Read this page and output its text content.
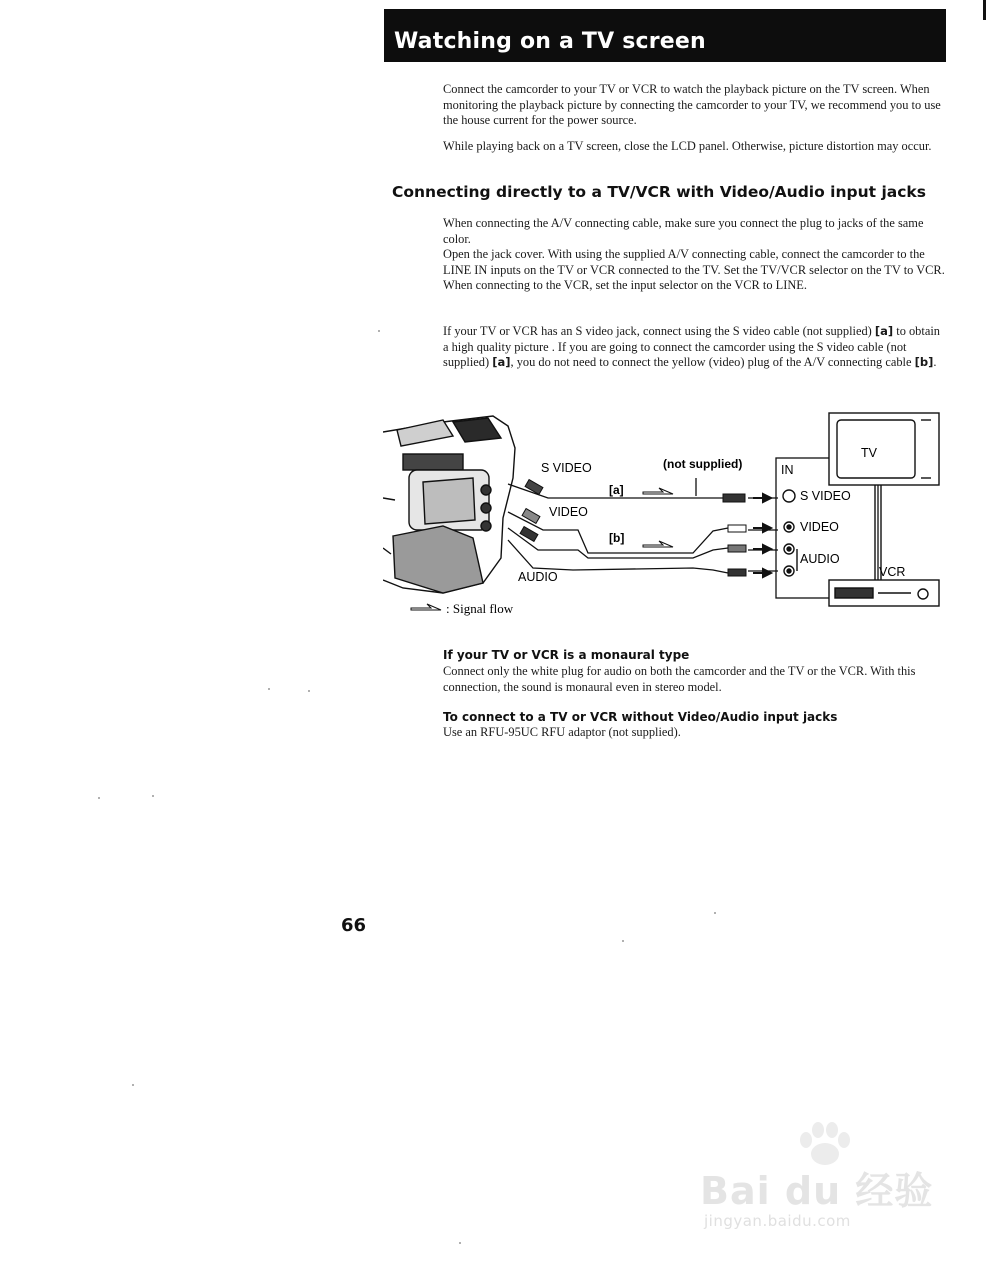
Watching on a TV screen

Connect the camcorder to your TV or VCR to watch the playback picture on the TV screen. When monitoring the playback picture by connecting the camcorder to your TV, we recommend you to use the house current for the power source.

While playing back on a TV screen, close the LCD panel. Otherwise, picture distortion may occur.

Connecting directly to a TV/VCR with Video/Audio input jacks

When connecting the A/V connecting cable, make sure you connect the plug to jacks of the same color.

Open the jack cover. With using the supplied A/V connecting cable, connect the camcorder to the LINE IN inputs on the TV or VCR connected to the TV. Set the TV/VCR selector on the TV to VCR. When connecting to the VCR, set the input selector on the VCR to LINE.

If your TV or VCR has an S video jack, connect using the S video cable (not supplied) [a] to obtain a high quality picture . If you are going to connect the camcorder using the S video cable (not supplied) [a], you do not need to connect the yellow (video) plug of the A/V connecting cable [b].

S VIDEO
VIDEO
AUDIO
(not supplied)
[a]
[b]
IN
S VIDEO
VIDEO
AUDIO
TV
VCR
: Signal flow
If your TV or VCR is a monaural type

Connect only the white plug for audio on both the camcorder and the TV or the VCR. With this connection, the sound is monaural even in stereo model.

To connect to a TV or VCR without Video/Audio input jacks

Use an RFU-95UC RFU adaptor (not supplied).

66
Bai du 经验
jingyan.baidu.com
